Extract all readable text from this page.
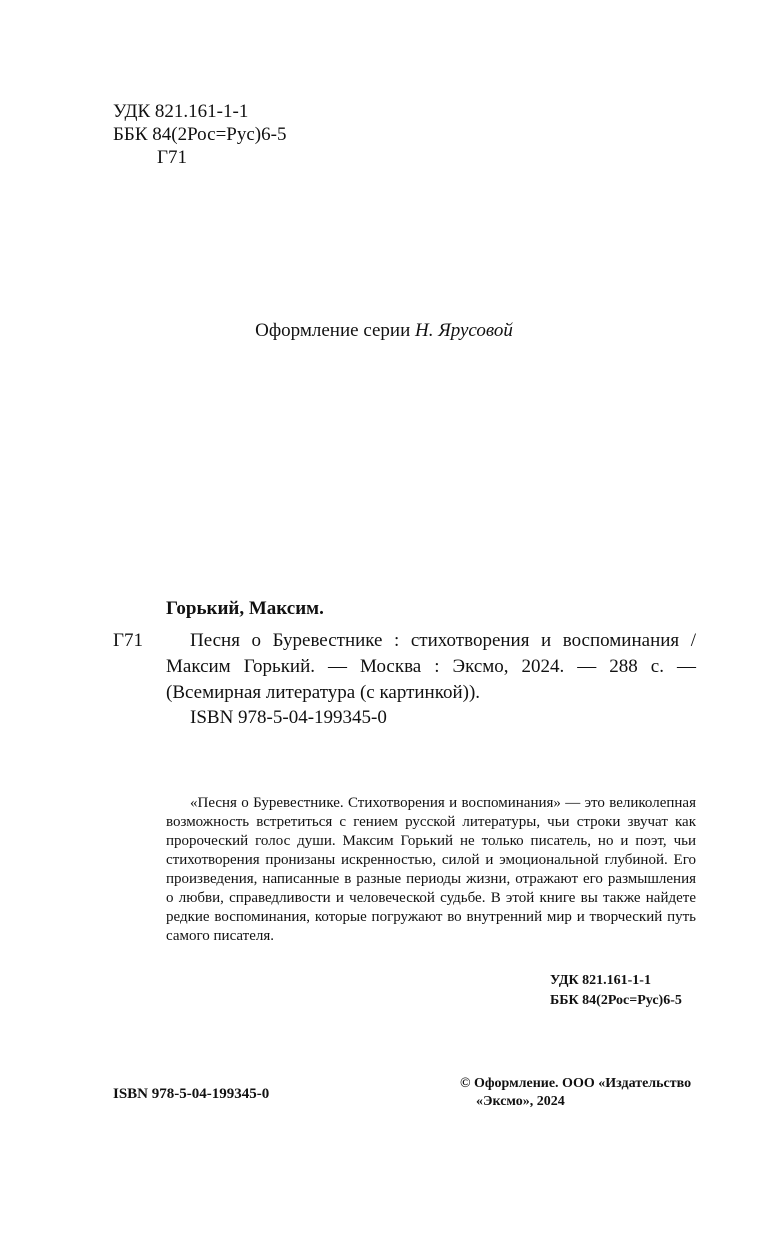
УДК 821.161-1-1
ББК 84(2Рос=Рус)6-5
Г71
Оформление серии Н. Ярусовой
Горький, Максим.
Г71	Песня о Буревестнике : стихотворения и воспоминания / Максим Горький. — Москва : Эксмо, 2024. — 288 с. — (Всемирная литература (с картинкой)).

ISBN 978-5-04-199345-0

«Песня о Буревестнике. Стихотворения и воспоминания» — это великолепная возможность встретиться с гением русской литературы, чьи строки звучат как пророческий голос души. Максим Горький не только писатель, но и поэт, чьи стихотворения пронизаны искренностью, силой и эмоциональной глубиной. Его произведения, написанные в разные периоды жизни, отражают его размышления о любви, справедливости и человеческой судьбе. В этой книге вы также найдете редкие воспоминания, которые погружают во внутренний мир и творческий путь самого писателя.

УДК 821.161-1-1
ББК 84(2Рос=Рус)6-5
© Оформление. ООО «Издательство
«Эксмо», 2024
ISBN 978-5-04-199345-0
